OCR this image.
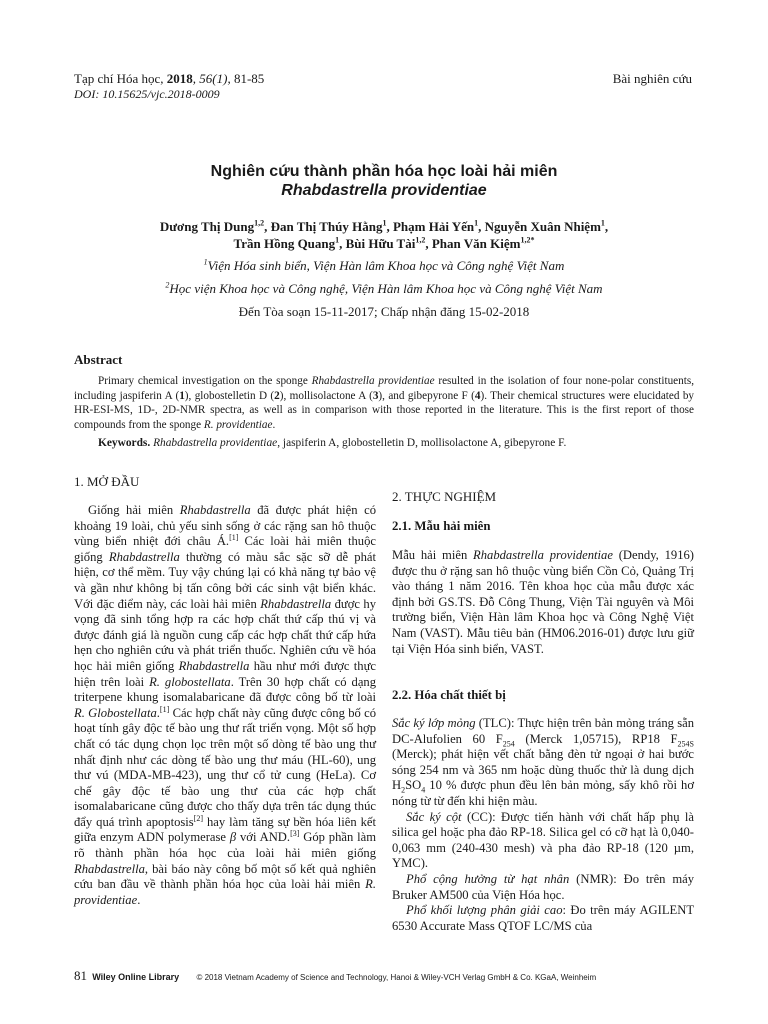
Tạp chí Hóa học, 2018, 56(1), 81-85
DOI: 10.15625/vjc.2018-0009
Bài nghiên cứu
Nghiên cứu thành phần hóa học loài hải miên
Rhabdastrella providentiae
Dương Thị Dung$^{1,2}$, Đan Thị Thúy Hằng$^1$, Phạm Hải Yến$^1$, Nguyễn Xuân Nhiệm$^1$,
Trần Hồng Quang$^1$, Bùi Hữu Tài$^{1,2}$, Phan Văn Kiệm$^{1,2*}$
$^1$Viện Hóa sinh biển, Viện Hàn lâm Khoa học và Công nghệ Việt Nam
$^2$Học viện Khoa học và Công nghệ, Viện Hàn lâm Khoa học và Công nghệ Việt Nam
Đến Tòa soạn 15-11-2017; Chấp nhận đăng 15-02-2018
Abstract
Primary chemical investigation on the sponge Rhabdastrella providentiae resulted in the isolation of four none-polar constituents, including jaspiferin A (1), globostelletin D (2), mollisolactone A (3), and gibepyrone F (4). Their chemical structures were elucidated by HR-ESI-MS, 1D-, 2D-NMR spectra, as well as in comparison with those reported in the literature. This is the first report of those compounds from the sponge R. providentiae.
Keywords. Rhabdastrella providentiae, jaspiferin A, globostelletin D, mollisolactone A, gibepyrone F.
1. MỞ ĐẦU

Giống hải miên Rhabdastrella đã được phát hiện có khoảng 19 loài, chủ yếu sinh sống ở các rặng san hô thuộc vùng biển nhiệt đới châu Á.[1] Các loài hải miên thuộc giống Rhabdastrella thường có màu sắc sặc sỡ dễ phát hiện, cơ thể mềm. Tuy vậy chúng lại có khả năng tự bảo vệ và gần như không bị tấn công bởi các sinh vật biển khác. Với đặc điểm này, các loài hải miên Rhabdastrella được hy vọng đã sinh tổng hợp ra các hợp chất thứ cấp thú vị và được đánh giá là nguồn cung cấp các hợp chất thứ cấp hứa hẹn cho nghiên cứu và phát triển thuốc. Nghiên cứu về hóa học hải miên giống Rhabdastrella hầu như mới được thực hiện trên loài R. globostellata. Trên 30 hợp chất có dạng triterpene khung isomalabaricane đã được công bố từ loài R. Globostellata.[1] Các hợp chất này cũng được công bố có hoạt tính gây độc tế bào ung thư rất triển vọng. Một số hợp chất có tác dụng chọn lọc trên một số dòng tế bào ung thư nhất định như các dòng tế bào ung thư máu (HL-60), ung thư vú (MDA-MB-423), ung thư cổ tử cung (HeLa). Cơ chế gây độc tế bào ung thư của các hợp chất isomalabaricane cũng được cho thấy dựa trên tác dụng thúc đẩy quá trình apoptosis[2] hay làm tăng sự bền hóa liên kết giữa enzym ADN polymerase β với AND.[3] Góp phần làm rõ thành phần hóa học của loài hải miên giống Rhabdastrella, bài báo này công bố một số kết quả nghiên cứu ban đầu về thành phần hóa học của loài hải miên R. providentiae.

2. THỰC NGHIỆM
2.1. Mẫu hải miên

Mẫu hải miên Rhabdastrella providentiae (Dendy, 1916) được thu ở rặng san hô thuộc vùng biển Cồn Cỏ, Quảng Trị vào tháng 1 năm 2016. Tên khoa học của mẫu được xác định bởi GS.TS. Đỗ Công Thung, Viện Tài nguyên và Môi trường biển, Viện Hàn lâm Khoa học và Công Nghệ Việt Nam (VAST). Mẫu tiêu bản (HM06.2016-01) được lưu giữ tại Viện Hóa sinh biển, VAST.

2.2. Hóa chất thiết bị

Sắc ký lớp mỏng (TLC): Thực hiện trên bản mỏng tráng sẵn DC-Alufolien 60 $F_{254}$ (Merck 1,05715), RP18 $F_{254S}$ (Merck); phát hiện vết chất bằng đèn tử ngoại ở hai bước sóng 254 nm và 365 nm hoặc dùng thuốc thử là dung dịch $H_2SO_4$ 10 % được phun đều lên bản mỏng, sấy khô rồi hơ nóng từ từ đến khi hiện màu.

Sắc ký cột (CC): Được tiến hành với chất hấp phụ là silica gel hoặc pha đảo RP-18. Silica gel có cỡ hạt là 0,040-0,063 mm (240-430 mesh) và pha đảo RP-18 (120 µm, YMC).

Phổ cộng hưởng từ hạt nhân (NMR): Đo trên máy Bruker AM500 của Viện Hóa học.

Phổ khối lượng phân giải cao: Đo trên máy AGILENT 6530 Accurate Mass QTOF LC/MS của

81 Wiley Online Library © 2018 Vietnam Academy of Science and Technology, Hanoi & Wiley-VCH Verlag GmbH & Co. KGaA, Weinheim
